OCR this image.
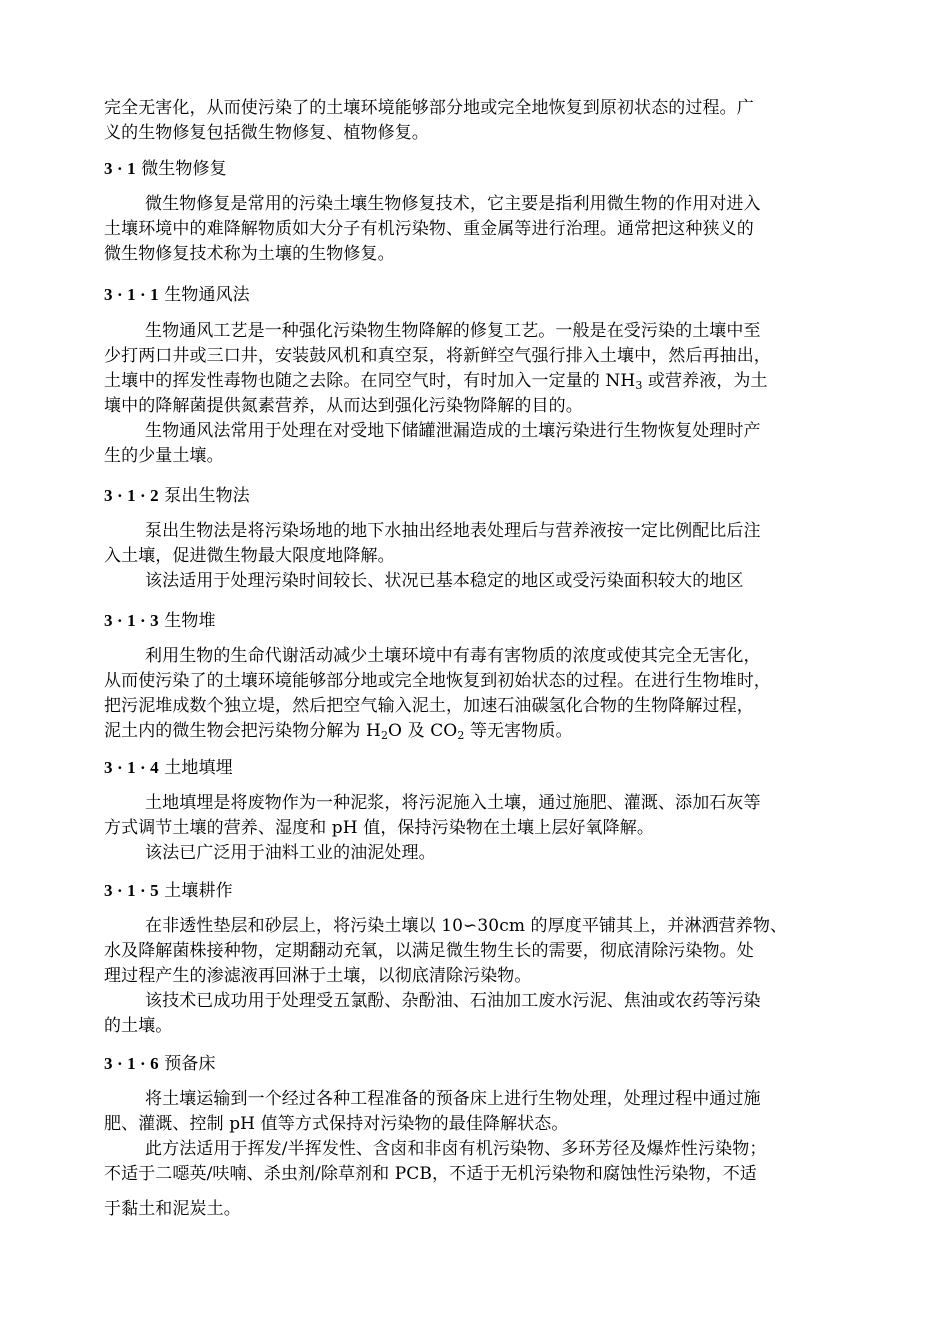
完全无害化，从而使污染了的土壤环境能够部分地或完全地恢复到原初状态的过程。广
义的生物修复包括微生物修复、植物修复。
3 · 1 微生物修复
微生物修复是常用的污染土壤生物修复技术，它主要是指利用微生物的作用对进入
土壤环境中的难降解物质如大分子有机污染物、重金属等进行治理。通常把这种狭义的
微生物修复技术称为土壤的生物修复。
3 · 1 · 1 生物通风法
生物通风工艺是一种强化污染物生物降解的修复工艺。一般是在受污染的土壤中至
少打两口井或三口井，安装鼓风机和真空泵，将新鲜空气强行排入土壤中，然后再抽出，
土壤中的挥发性毒物也随之去除。在同空气时，有时加入一定量的 $NH_3$ 或营养液，为土
壤中的降解菌提供氮素营养，从而达到强化污染物降解的目的。
生物通风法常用于处理在对受地下储罐泄漏造成的土壤污染进行生物恢复处理时产
生的少量土壤。
3 · 1 · 2 泵出生物法
泵出生物法是将污染场地的地下水抽出经地表处理后与营养液按一定比例配比后注
入土壤，促进微生物最大限度地降解。
该法适用于处理污染时间较长、状况已基本稳定的地区或受污染面积较大的地区
3 · 1 · 3 生物堆
利用生物的生命代谢活动减少土壤环境中有毒有害物质的浓度或使其完全无害化，
从而使污染了的土壤环境能够部分地或完全地恢复到初始状态的过程。在进行生物堆时，
把污泥堆成数个独立堤，然后把空气输入泥土，加速石油碳氢化合物的生物降解过程，
泥土内的微生物会把污染物分解为 $H_2O$ 及 $CO_2$ 等无害物质。
3 · 1 · 4 土地填埋
土地填埋是将废物作为一种泥浆，将污泥施入土壤，通过施肥、灌溉、添加石灰等
方式调节土壤的营养、湿度和 pH 值，保持污染物在土壤上层好氧降解。
该法已广泛用于油料工业的油泥处理。
3 · 1 · 5 土壤耕作
在非透性垫层和砂层上，将污染土壤以 10∽30cm 的厚度平铺其上，并淋洒营养物、
水及降解菌株接种物，定期翻动充氧，以满足微生物生长的需要，彻底清除污染物。处
理过程产生的渗滤液再回淋于土壤，以彻底清除污染物。
该技术已成功用于处理受五氯酚、杂酚油、石油加工废水污泥、焦油或农药等污染
的土壤。
3 · 1 · 6 预备床
将土壤运输到一个经过各种工程准备的预备床上进行生物处理，处理过程中通过施
肥、灌溉、控制 pH 值等方式保持对污染物的最佳降解状态。
此方法适用于挥发/半挥发性、含卤和非卤有机污染物、多环芳径及爆炸性污染物；
不适于二噁英/呋喃、杀虫剂/除草剂和 PCB，不适于无机污染物和腐蚀性污染物，不适
于黏土和泥炭土。
